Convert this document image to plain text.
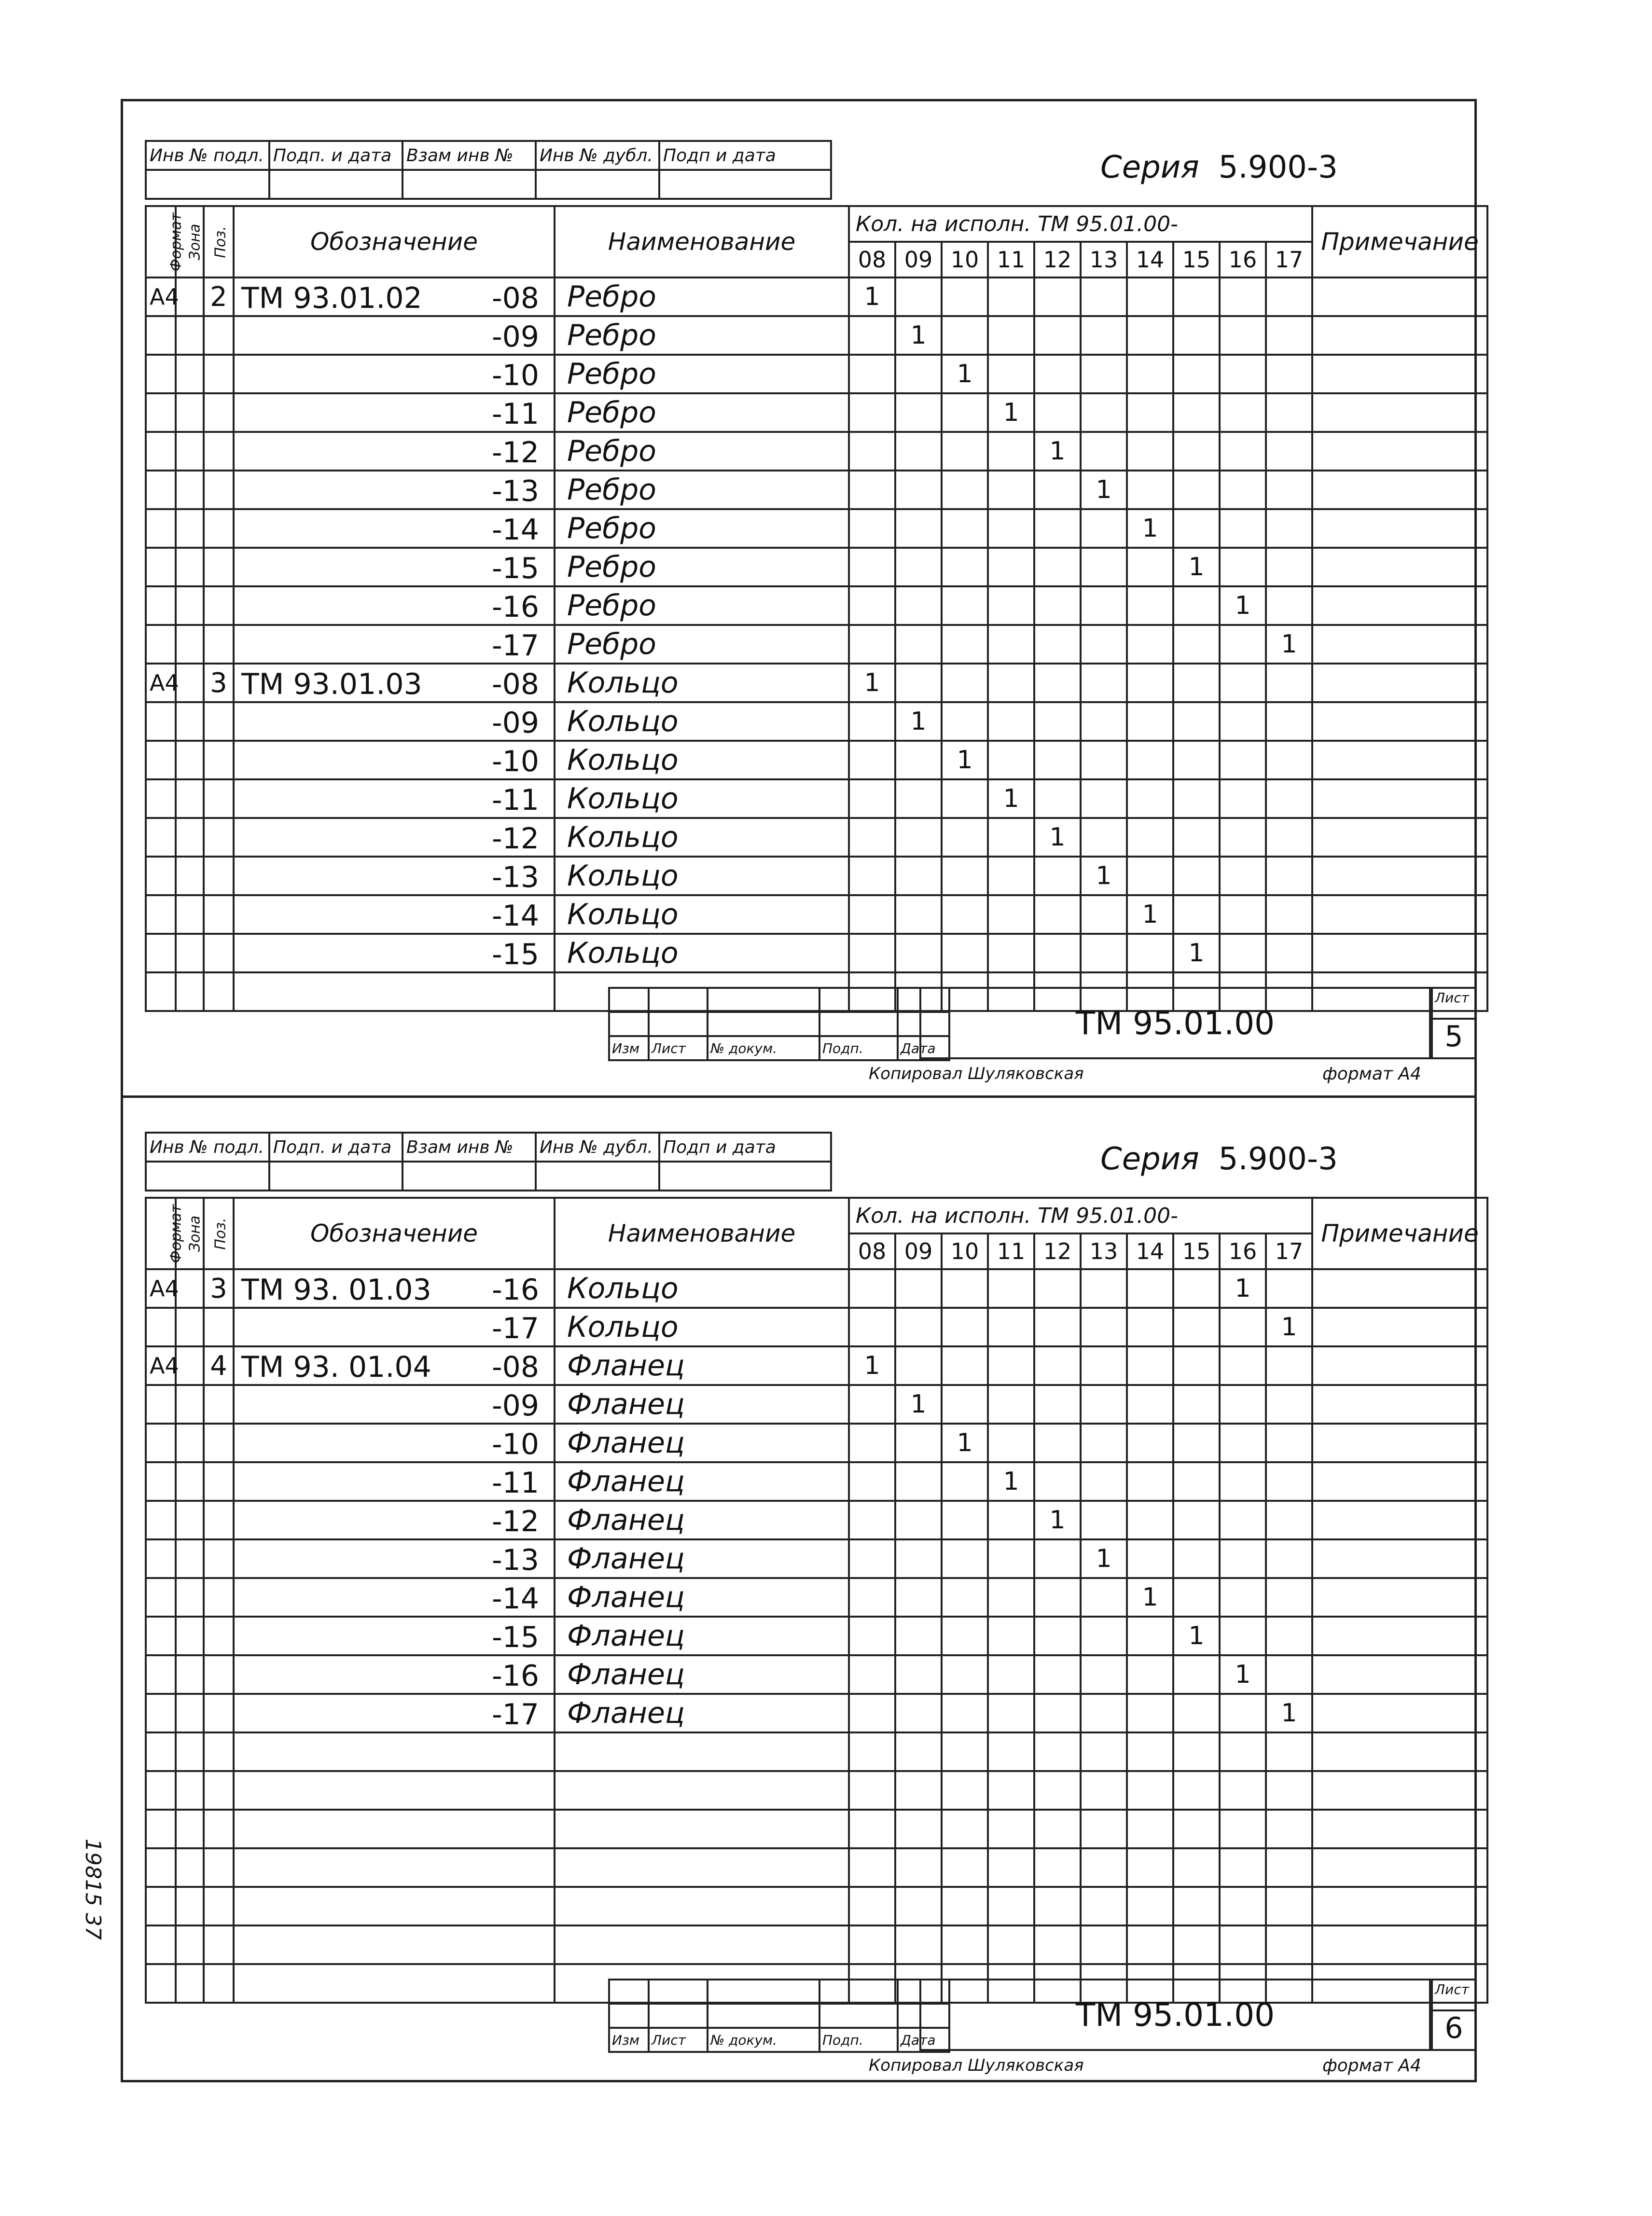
Инв № подл.	Подп. и дата	Взам инв №	Инв № дубл.	Подп и дата
					Серия 5.900-3
Формат	Зона	Поз.	Обозначение	Наименование	Кол. на исполн. ТМ 95.01.00-										Примечание
					08	09	10	11	12	13	14	15	16	17	
А4		2	ТМ 93.01.02 -08	Ребро	1										

			-09	Ребро		1									

			-10	Ребро			1								

			-11	Ребро				1							

			-12	Ребро					1						

			-13	Ребро						1					

			-14	Ребро							1				

			-15	Ребро								1			

			-16	Ребро									1		

			-17	Ребро										1	
А4		3	ТМ 93.01.03 -08	Кольцо	1										

			-09	Кольцо		1									

			-10	Кольцо			1								

			-11	Кольцо				1							

			-12	Кольцо					1						

			-13	Кольцо						1					

			-14	Кольцо							1				

			-15	Кольцо								1			

Изм	Лист	№ докум.	Подп.	Дата
ТМ 95.01.00
Лист
5
Копировал Шуляковская	формат А4
Инв № подл.	Подп. и дата	Взам инв №	Инв № дубл.	Подп и дата
					Серия 5.900-3
Формат	Зона	Поз.	Обозначение	Наименование	Кол. на исполн. ТМ 95.01.00-										Примечание
					08	09	10	11	12	13	14	15	16	17	
А4		3	ТМ 93. 01.03 -16	Кольцо									1		

			-17	Кольцо										1	
А4		4	ТМ 93. 01.04 -08	Фланец	1										

			-09	Фланец		1									

			-10	Фланец			1								

			-11	Фланец				1							

			-12	Фланец					1						

			-13	Фланец						1					

			-14	Фланец							1				

			-15	Фланец								1			

			-16	Фланец									1		

			-17	Фланец										1	

Изм	Лист	№ докум.	Подп.	Дата
ТМ 95.01.00
Лист
6
Копировал Шуляковская	формат А4
19815 37
